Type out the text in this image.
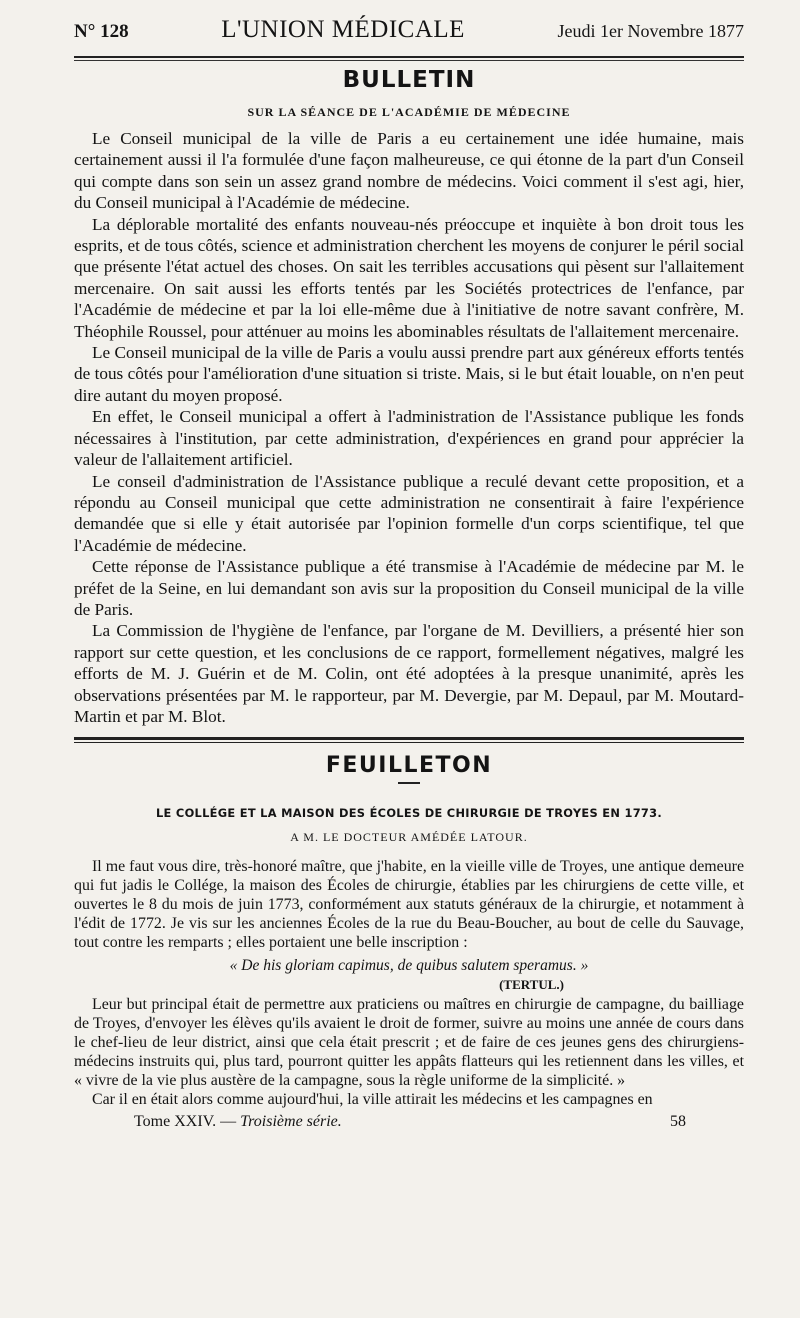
N° 128	L'UNION MÉDICALE	Jeudi 1er Novembre 1877
BULLETIN
SUR LA SÉANCE DE L'ACADÉMIE DE MÉDECINE

Le Conseil municipal de la ville de Paris a eu certainement une idée humaine, mais certainement aussi il l'a formulée d'une façon malheureuse, ce qui étonne de la part d'un Conseil qui compte dans son sein un assez grand nombre de médecins. Voici comment il s'est agi, hier, du Conseil municipal à l'Académie de médecine.

La déplorable mortalité des enfants nouveau-nés préoccupe et inquiète à bon droit tous les esprits, et de tous côtés, science et administration cherchent les moyens de conjurer le péril social que présente l'état actuel des choses. On sait les terribles accusations qui pèsent sur l'allaitement mercenaire. On sait aussi les efforts tentés par les Sociétés protectrices de l'enfance, par l'Académie de médecine et par la loi elle-même due à l'initiative de notre savant confrère, M. Théophile Roussel, pour atténuer au moins les abominables résultats de l'allaitement mercenaire.

Le Conseil municipal de la ville de Paris a voulu aussi prendre part aux généreux efforts tentés de tous côtés pour l'amélioration d'une situation si triste. Mais, si le but était louable, on n'en peut dire autant du moyen proposé.

En effet, le Conseil municipal a offert à l'administration de l'Assistance publique les fonds nécessaires à l'institution, par cette administration, d'expériences en grand pour apprécier la valeur de l'allaitement artificiel.

Le conseil d'administration de l'Assistance publique a reculé devant cette proposition, et a répondu au Conseil municipal que cette administration ne consentirait à faire l'expérience demandée que si elle y était autorisée par l'opinion formelle d'un corps scientifique, tel que l'Académie de médecine.

Cette réponse de l'Assistance publique a été transmise à l'Académie de médecine par M. le préfet de la Seine, en lui demandant son avis sur la proposition du Conseil municipal de la ville de Paris.

La Commission de l'hygiène de l'enfance, par l'organe de M. Devilliers, a présenté hier son rapport sur cette question, et les conclusions de ce rapport, formellement négatives, malgré les efforts de M. J. Guérin et de M. Colin, ont été adoptées à la presque unanimité, après les observations présentées par M. le rapporteur, par M. Devergie, par M. Depaul, par M. Moutard-Martin et par M. Blot.

FEUILLETON
LE COLLÉGE ET LA MAISON DES ÉCOLES DE CHIRURGIE DE TROYES EN 1773.
A M. LE DOCTEUR AMÉDÉE LATOUR.

Il me faut vous dire, très-honoré maître, que j'habite, en la vieille ville de Troyes, une antique demeure qui fut jadis le Collége, la maison des Écoles de chirurgie, établies par les chirurgiens de cette ville, et ouvertes le 8 du mois de juin 1773, conformément aux statuts généraux de la chirurgie, et notamment à l'édit de 1772. Je vis sur les anciennes Écoles de la rue du Beau-Boucher, au bout de celle du Sauvage, tout contre les remparts ; elles portaient une belle inscription :

« De his gloriam capimus, de quibus salutem speramus. »
(TERTUL.)

Leur but principal était de permettre aux praticiens ou maîtres en chirurgie de campagne, du bailliage de Troyes, d'envoyer les élèves qu'ils avaient le droit de former, suivre au moins une année de cours dans le chef-lieu de leur district, ainsi que cela était prescrit ; et de faire de ces jeunes gens des chirurgiens-médecins instruits qui, plus tard, pourront quitter les appâts flatteurs qui les retiennent dans les villes, et « vivre de la vie plus austère de la campagne, sous la règle uniforme de la simplicité. »

Car il en était alors comme aujourd'hui, la ville attirait les médecins et les campagnes en

Tome XXIV. — Troisième série.	58
